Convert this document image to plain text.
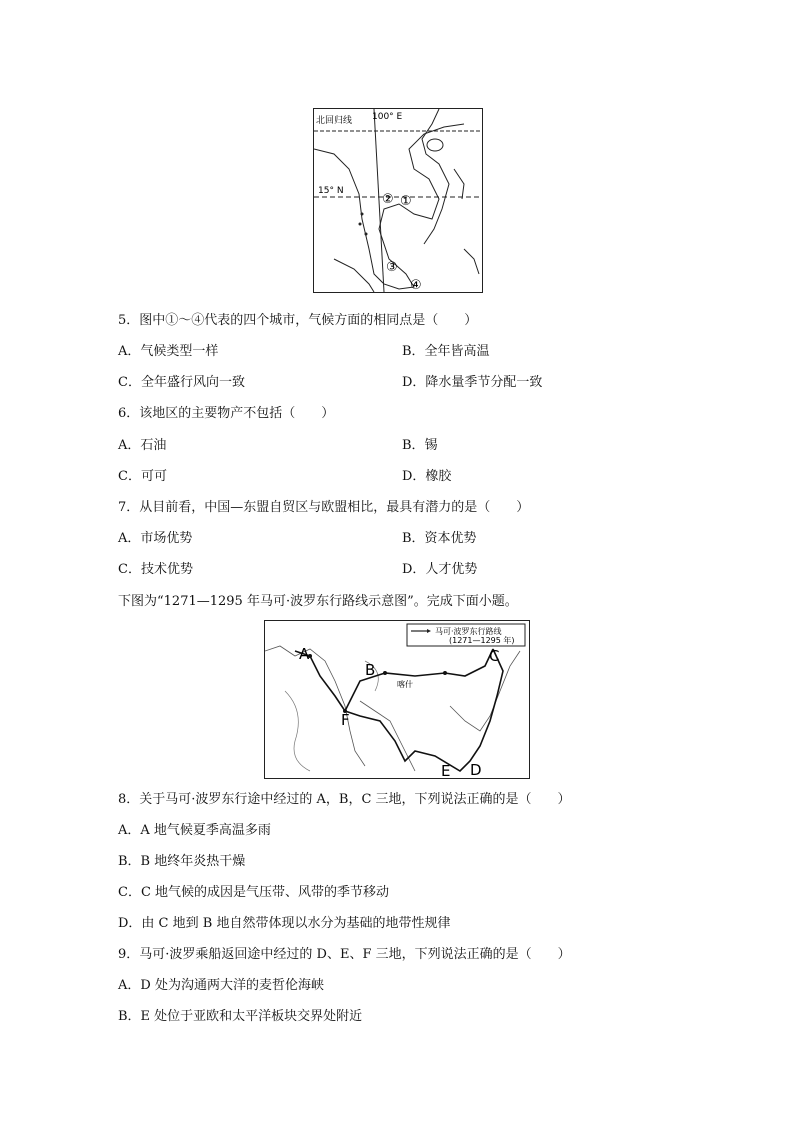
北回归线 100° E
15° N
② ①
③
④
5．图中①～④代表的四个城市，气候方面的相同点是（　　）
A．气候类型一样	B．全年皆高温
C．全年盛行风向一致	D．降水量季节分配一致
6．该地区的主要物产不包括（　　）
A．石油	B．锡
C．可可	D．橡胶
7．从目前看，中国—东盟自贸区与欧盟相比，最具有潜力的是（　　）
A．市场优势	B．资本优势
C．技术优势	D．人才优势
下图为“1271—1295 年马可·波罗东行路线示意图”。完成下面小题。
马可·波罗东行路线
(1271—1295 年)
A
B
C
D
E
F
喀什
8．关于马可·波罗东行途中经过的 A，B，C 三地，下列说法正确的是（　　）
A．A 地气候夏季高温多雨
B．B 地终年炎热干燥
C．C 地气候的成因是气压带、风带的季节移动
D．由 C 地到 B 地自然带体现以水分为基础的地带性规律
9．马可·波罗乘船返回途中经过的 D、E、F 三地，下列说法正确的是（　　）
A．D 处为沟通两大洋的麦哲伦海峡
B．E 处位于亚欧和太平洋板块交界处附近
